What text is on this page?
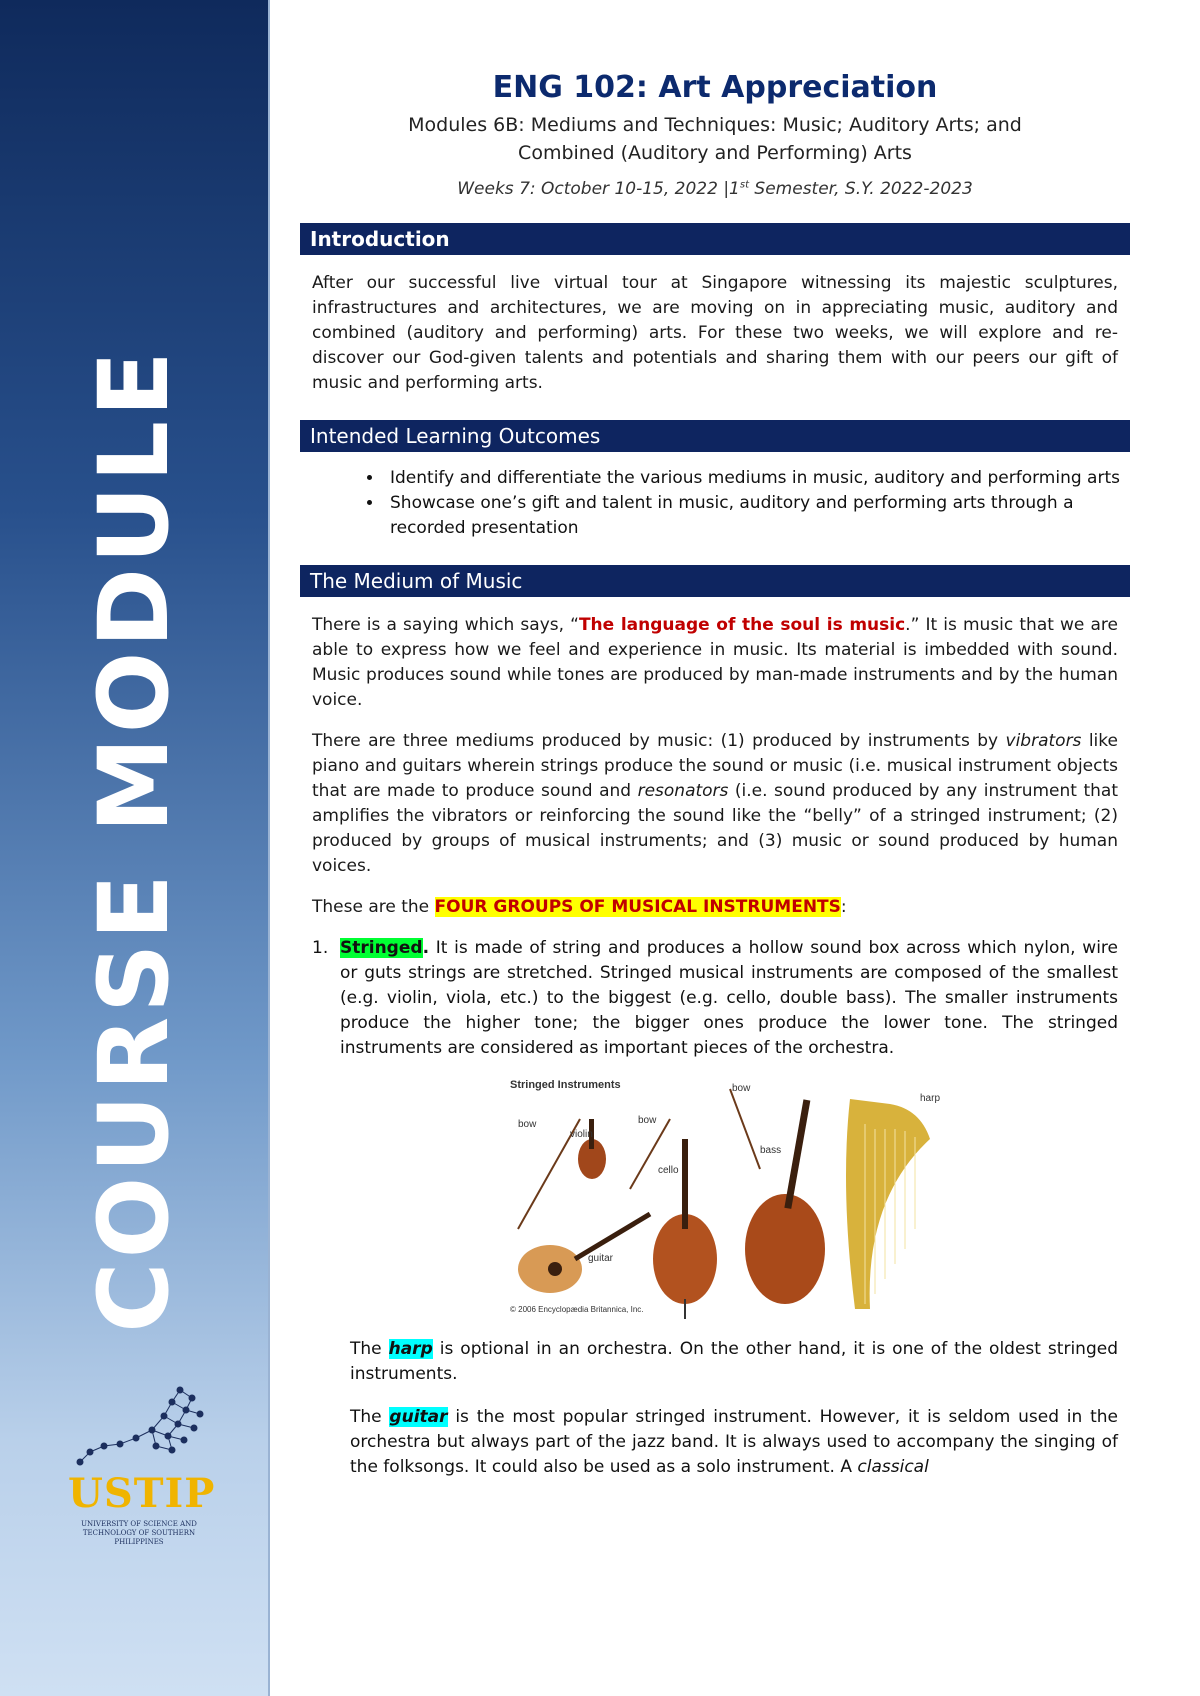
COURSE MODULE
USTIP
UNIVERSITY OF SCIENCE AND TECHNOLOGY OF SOUTHERN PHILIPPINES
ENG 102: Art Appreciation
Modules 6B: Mediums and Techniques: Music; Auditory Arts; and
Combined (Auditory and Performing) Arts
Weeks 7: October 10-15, 2022 |1st Semester, S.Y. 2022-2023
Introduction

After our successful live virtual tour at Singapore witnessing its majestic sculptures, infrastructures and architectures, we are moving on in appreciating music, auditory and combined (auditory and performing) arts. For these two weeks, we will explore and re-discover our God-given talents and potentials and sharing them with our peers our gift of music and performing arts.

Intended Learning Outcomes
• Identify and differentiate the various mediums in music, auditory and performing arts
• Showcase one’s gift and talent in music, auditory and performing arts through a recorded presentation
The Medium of Music

There is a saying which says, “The language of the soul is music.” It is music that we are able to express how we feel and experience in music. Its material is imbedded with sound. Music produces sound while tones are produced by man-made instruments and by the human voice.

There are three mediums produced by music: (1) produced by instruments by vibrators like piano and guitars wherein strings produce the sound or music (i.e. musical instrument objects that are made to produce sound and resonators (i.e. sound produced by any instrument that amplifies the vibrators or reinforcing the sound like the “belly” of a stringed instrument; (2) produced by groups of musical instruments; and (3) music or sound produced by human voices.

These are the FOUR GROUPS OF MUSICAL INSTRUMENTS:

1. Stringed. It is made of string and produces a hollow sound box across which nylon, wire or guts strings are stretched. Stringed musical instruments are composed of the smallest (e.g. violin, viola, etc.) to the biggest (e.g. cello, double bass). The smaller instruments produce the higher tone; the bigger ones produce the lower tone. The stringed instruments are considered as important pieces of the orchestra.
Stringed Instruments
bow
violin
bow
cello
bow
bass
harp
guitar
© 2006 Encyclopædia Britannica, Inc.

The harp is optional in an orchestra. On the other hand, it is one of the oldest stringed instruments.

The guitar is the most popular stringed instrument. However, it is seldom used in the orchestra but always part of the jazz band. It is always used to accompany the singing of the folksongs. It could also be used as a solo instrument. A classical
